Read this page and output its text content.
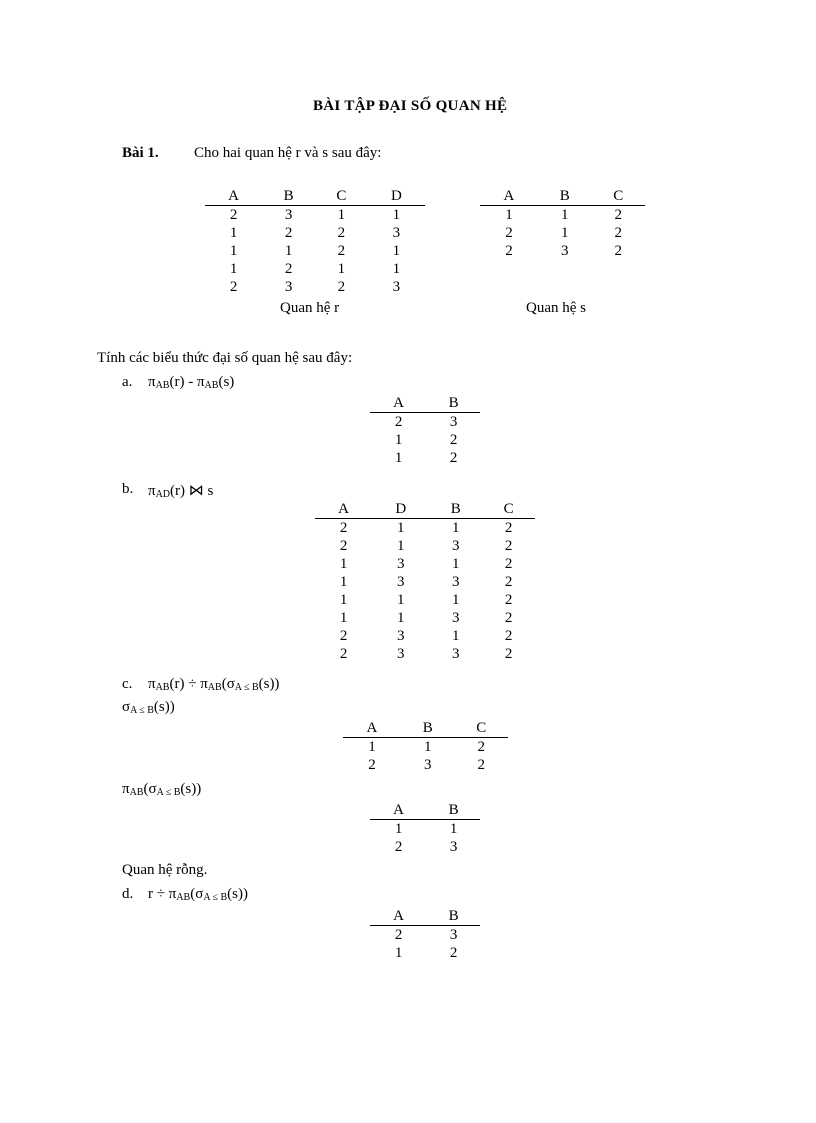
BÀI TẬP ĐẠI SỐ QUAN HỆ
Bài 1. Cho hai quan hệ r và s sau đây:
A	B	C	D
2	3	1	1
1	2	2	3
1	1	2	1
1	2	1	1
2	3	2	3
Quan hệ r
A	B	C
1	1	2
2	1	2
2	3	2
Quan hệ s
Tính các biểu thức đại số quan hệ sau đây:
a. $\pi_{AB}(r) - \pi_{AB}(s)$
A	B
2	3
1	2
1	2
b. $\pi_{AD}(r)$ ⋈ s
A	D	B	C
2	1	1	2
2	1	3	2
1	3	1	2
1	3	3	2
1	1	1	2
1	1	3	2
2	3	1	2
2	3	3	2
c. $\pi_{AB}(r) \div \pi_{AB}(\sigma_{A \le B}(s))$
$\sigma_{A \le B}(s)$)
A	B	C
1	1	2
2	3	2
$\pi_{AB}(\sigma_{A \le B}(s))$
A	B
1	1
2	3
Quan hệ rỗng.
d. $r \div \pi_{AB}(\sigma_{A \le B}(s))$
A	B
2	3
1	2
